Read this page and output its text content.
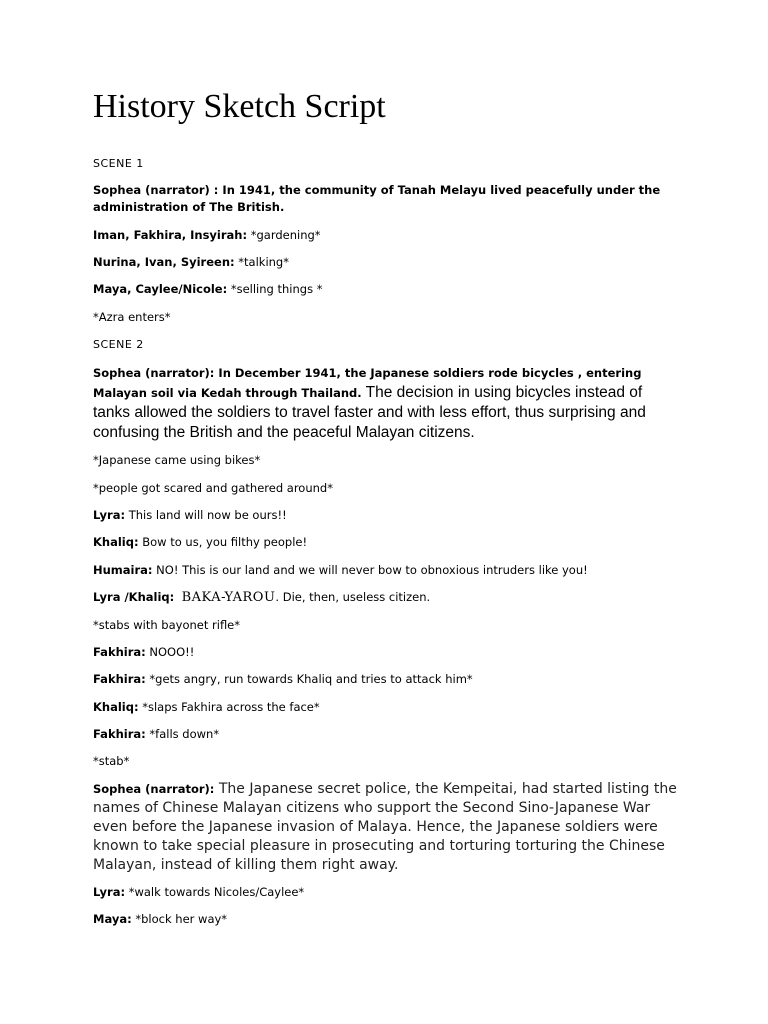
History Sketch Script
SCENE 1
Sophea (narrator) : In 1941, the community of Tanah Melayu lived peacefully under the administration of The British.
Iman, Fakhira, Insyirah: *gardening*
Nurina, Ivan, Syireen: *talking*
Maya, Caylee/Nicole: *selling things *
*Azra enters*
SCENE 2
Sophea (narrator): In December 1941, the Japanese soldiers rode bicycles , entering Malayan soil via Kedah through Thailand. The decision in using bicycles instead of tanks allowed the soldiers to travel faster and with less effort, thus surprising and confusing the British and the peaceful Malayan citizens.
*Japanese came using bikes*
*people got scared and gathered around*
Lyra: This land will now be ours!!
Khaliq: Bow to us, you filthy people!
Humaira: NO! This is our land and we will never bow to obnoxious intruders like you!
Lyra /Khaliq: BAKA-YAROU. Die, then, useless citizen.
*stabs with bayonet rifle*
Fakhira: NOOO!!
Fakhira: *gets angry, run towards Khaliq and tries to attack him*
Khaliq: *slaps Fakhira across the face*
Fakhira: *falls down*
*stab*
Sophea (narrator): The Japanese secret police, the Kempeitai, had started listing the names of Chinese Malayan citizens who support the Second Sino-Japanese War even before the Japanese invasion of Malaya. Hence, the Japanese soldiers were known to take special pleasure in prosecuting and torturing torturing the Chinese Malayan, instead of killing them right away.
Lyra: *walk towards Nicoles/Caylee*
Maya: *block her way*
